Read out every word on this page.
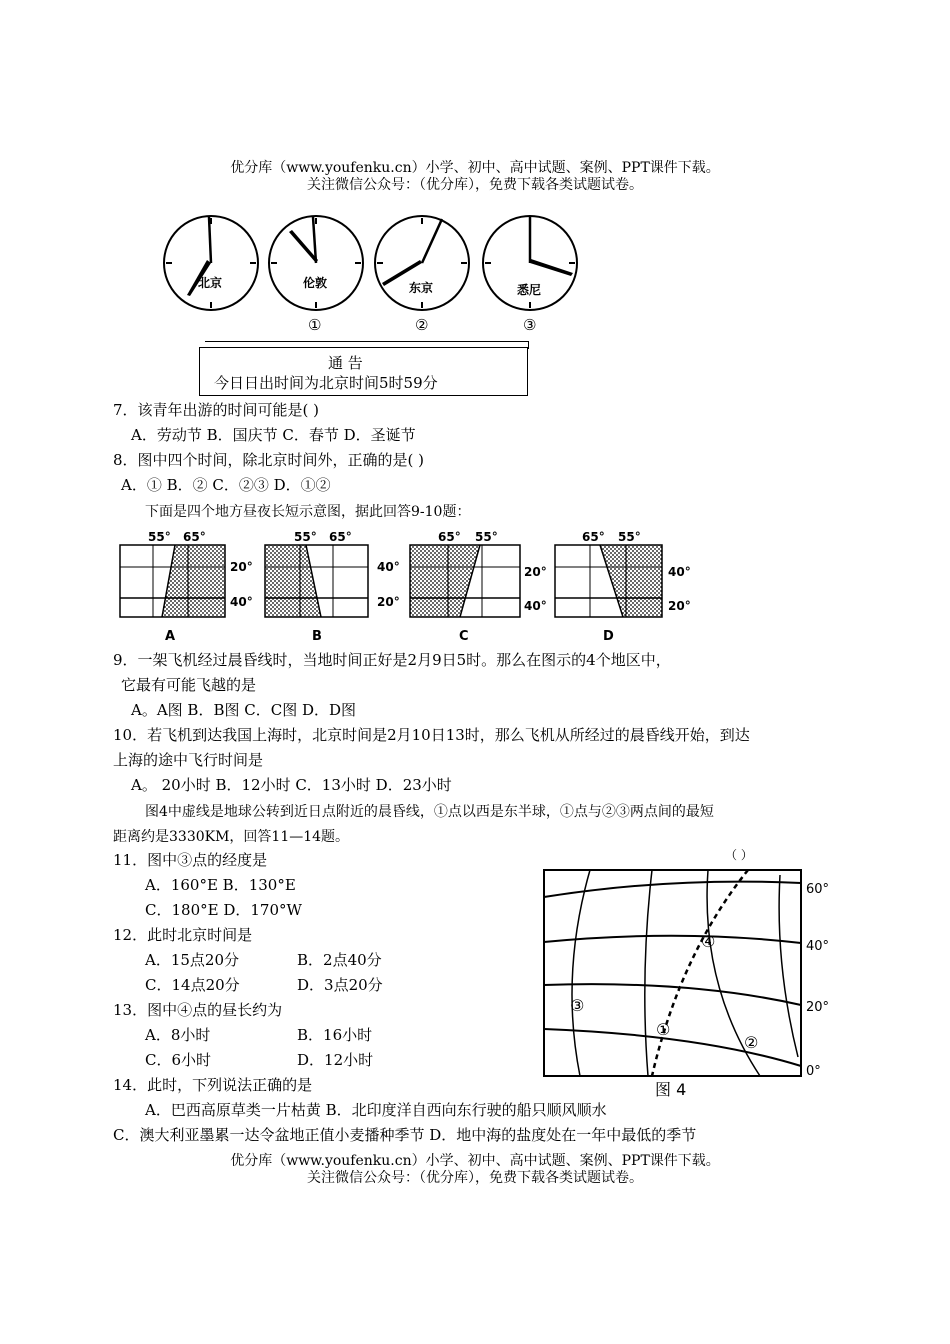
优分库（www.youfenku.cn）小学、初中、高中试题、案例、PPT课件下载。
关注微信公众号：（优分库），免费下载各类试题试卷。
北京	伦敦	东京	悉尼
①	②	③
通 告
今日日出时间为北京时间5时59分
7．该青年出游的时间可能是( )
A．劳动节 B．国庆节 C．春节 D．圣诞节
8．图中四个时间，除北京时间外，正确的是( )
A．① B．② C．②③ D．①②
下面是四个地方昼夜长短示意图，据此回答9-10题：
55° 65°
20°
40°
A
55° 65°
40°
20°
B
65° 55°
20°
40°
C
65° 55°
40°
20°
D
9．一架飞机经过晨昏线时，当地时间正好是2月9日5时。那么在图示的4个地区中，
它最有可能飞越的是
A。A图 B．B图 C．C图 D．D图
10．若飞机到达我国上海时，北京时间是2月10日13时，那么飞机从所经过的晨昏线开始，到达
上海的途中飞行时间是
A。 20小时 B．12小时 C．13小时 D．23小时
图4中虚线是地球公转到近日点附近的晨昏线，①点以西是东半球，①点与②③两点间的最短
距离约是3330KM，回答11—14题。
11．图中③点的经度是
A．160°E B．130°E
C．180°E D．170°W
12．此时北京时间是
A．15点20分	B．2点40分
C．14点20分	D．3点20分
13．图中④点的昼长约为
A．8小时	B．16小时
C．6小时	D．12小时
（ ）
60°
40°
20°
0°
①
②
③
④
图 4
14．此时，下列说法正确的是
A．巴西高原草类一片枯黄 B．北印度洋自西向东行驶的船只顺风顺水
C．澳大利亚墨累一达令盆地正值小麦播种季节 D．地中海的盐度处在一年中最低的季节
优分库（www.youfenku.cn）小学、初中、高中试题、案例、PPT课件下载。
关注微信公众号：（优分库），免费下载各类试题试卷。
